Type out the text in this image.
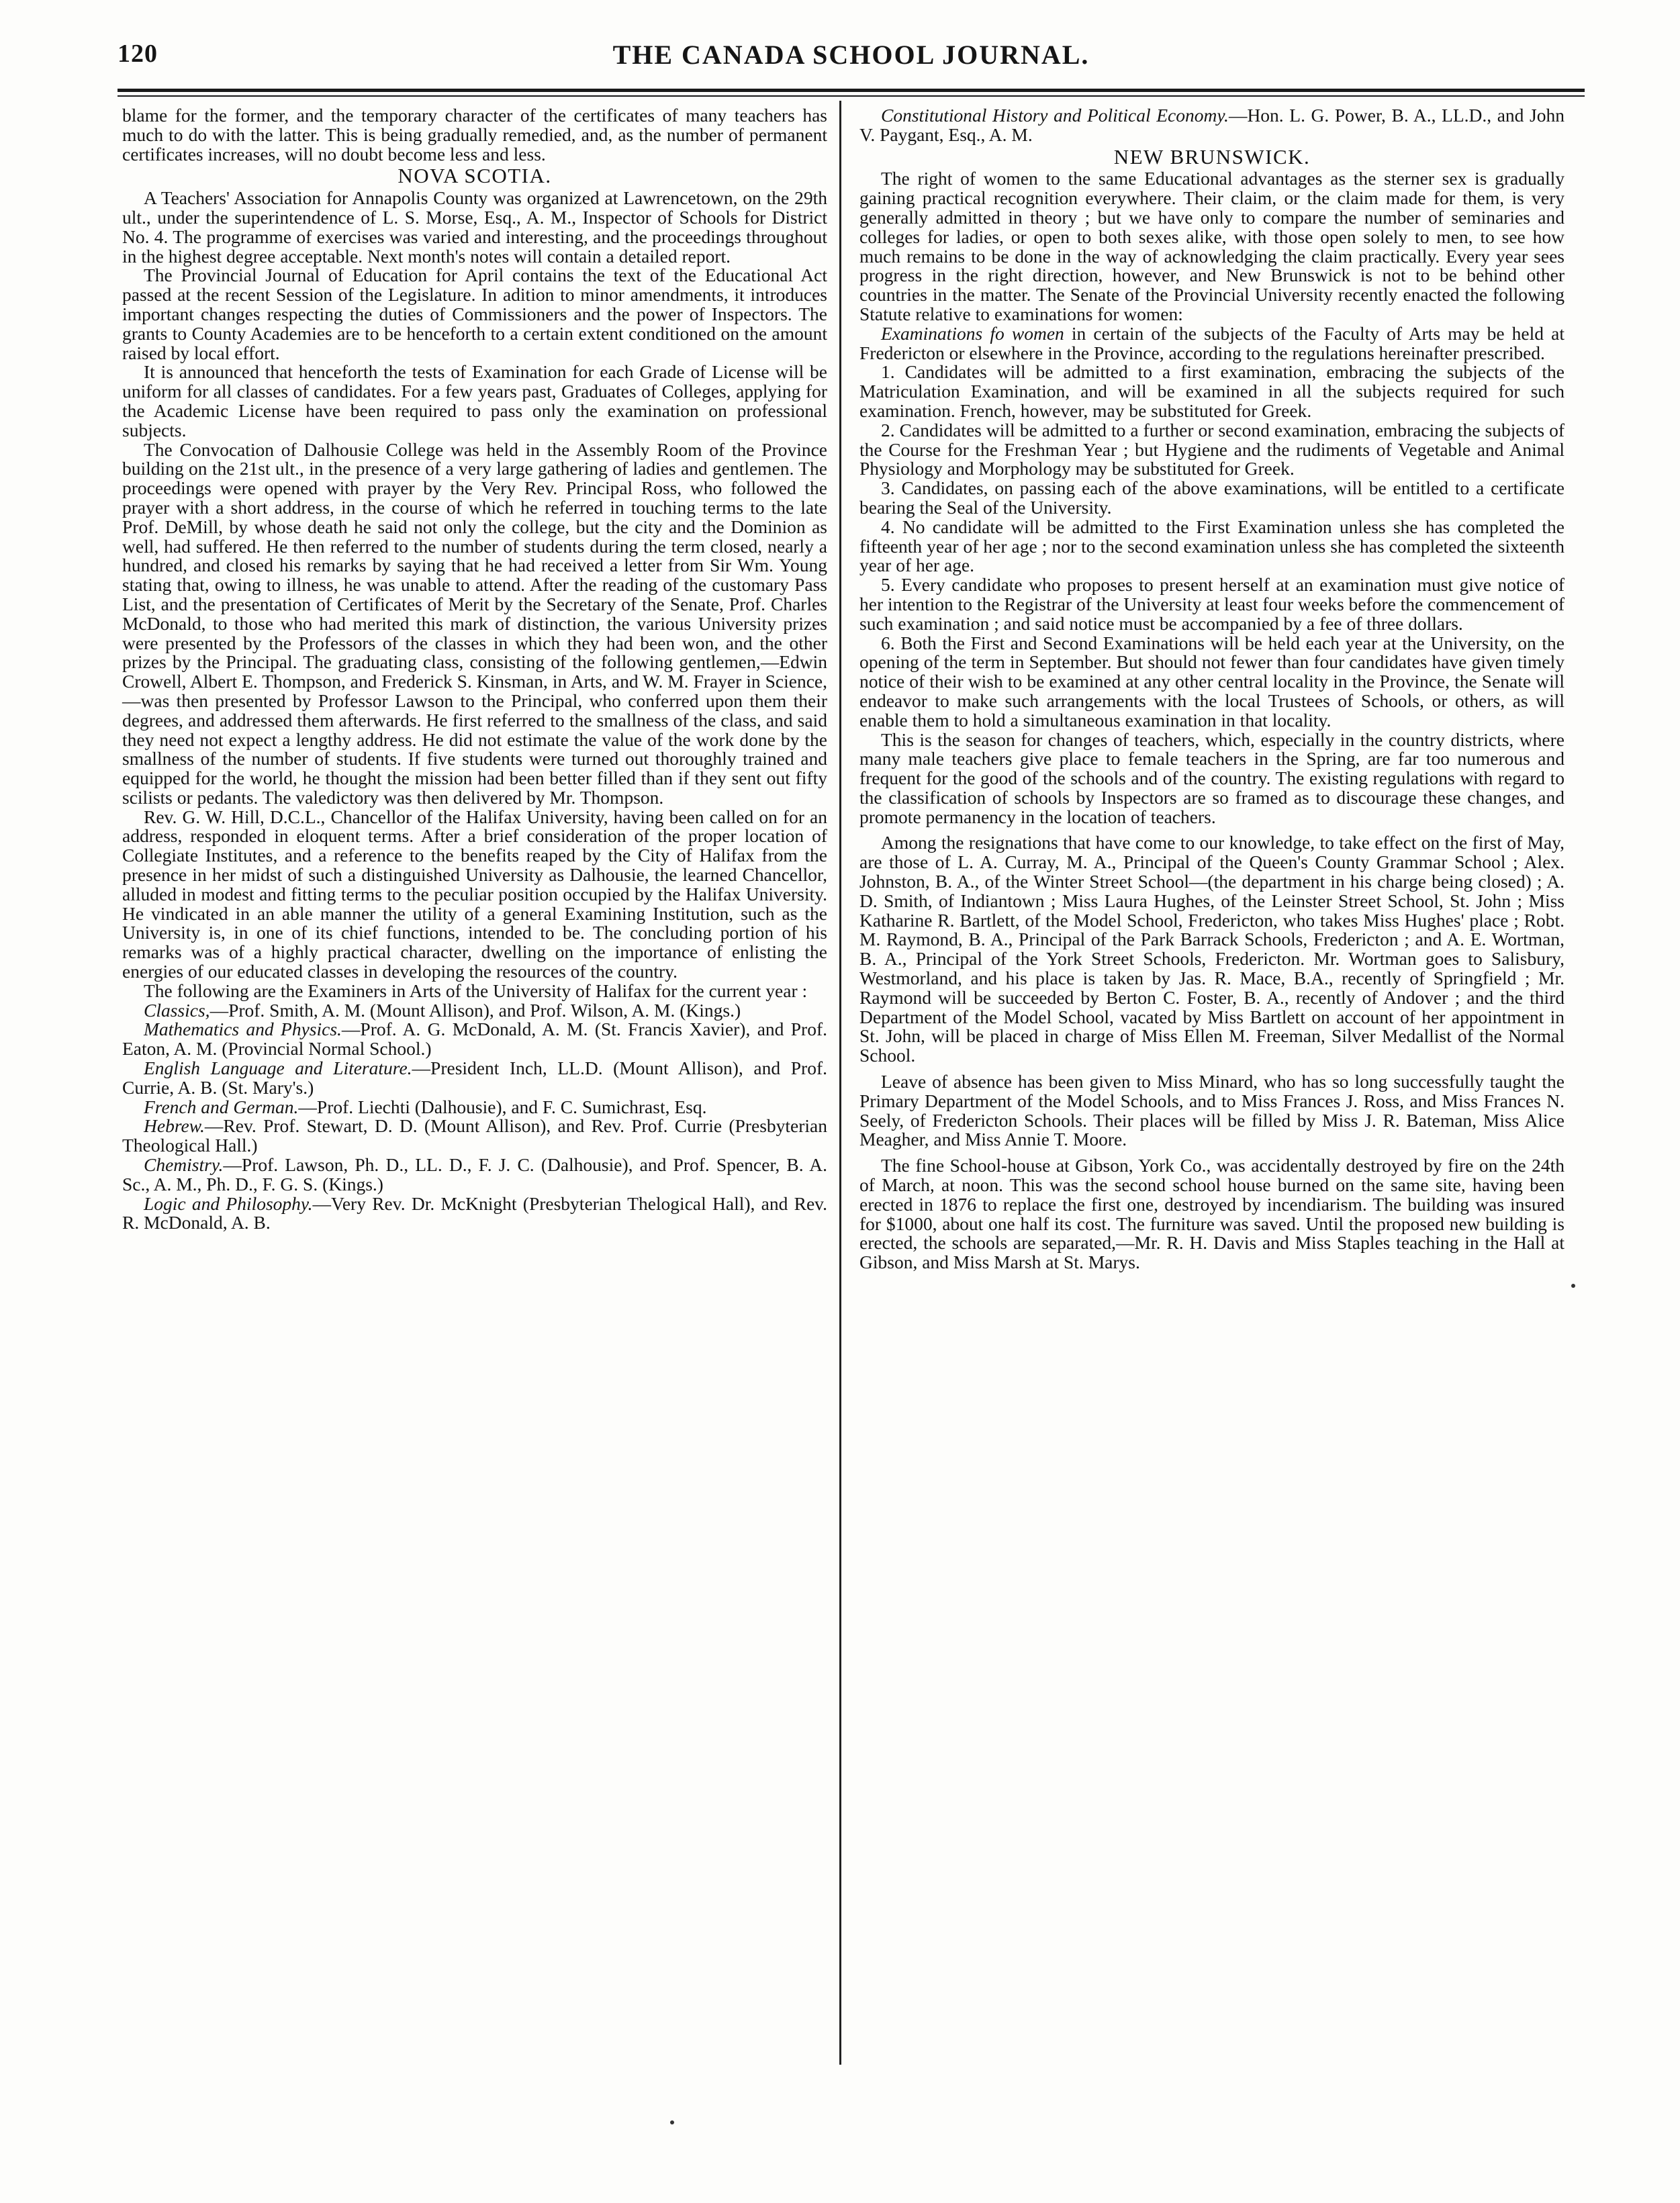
120	THE CANADA SCHOOL JOURNAL.

blame for the former, and the temporary character of the certificates of many teachers has much to do with the latter. This is being gradually remedied, and, as the number of permanent certificates increases, will no doubt become less and less.

NOVA SCOTIA.

A Teachers' Association for Annapolis County was organized at Lawrencetown, on the 29th ult., under the superintendence of L. S. Morse, Esq., A. M., Inspector of Schools for District No. 4. The programme of exercises was varied and interesting, and the proceedings throughout in the highest degree acceptable. Next month's notes will contain a detailed report.

The Provincial Journal of Education for April contains the text of the Educational Act passed at the recent Session of the Legislature. In adition to minor amendments, it introduces important changes respecting the duties of Commissioners and the power of Inspectors. The grants to County Academies are to be henceforth to a certain extent conditioned on the amount raised by local effort.

It is announced that henceforth the tests of Examination for each Grade of License will be uniform for all classes of candidates. For a few years past, Graduates of Colleges, applying for the Academic License have been required to pass only the examination on professional subjects.

The Convocation of Dalhousie College was held in the Assembly Room of the Province building on the 21st ult., in the presence of a very large gathering of ladies and gentlemen. The proceedings were opened with prayer by the Very Rev. Principal Ross, who followed the prayer with a short address, in the course of which he referred in touching terms to the late Prof. DeMill, by whose death he said not only the college, but the city and the Dominion as well, had suffered. He then referred to the number of students during the term closed, nearly a hundred, and closed his remarks by saying that he had received a letter from Sir Wm. Young stating that, owing to illness, he was unable to attend. After the reading of the customary Pass List, and the presentation of Certificates of Merit by the Secretary of the Senate, Prof. Charles McDonald, to those who had merited this mark of distinction, the various University prizes were presented by the Professors of the classes in which they had been won, and the other prizes by the Principal. The graduating class, consisting of the following gentlemen,—Edwin Crowell, Albert E. Thompson, and Frederick S. Kinsman, in Arts, and W. M. Frayer in Science,—was then presented by Professor Lawson to the Principal, who conferred upon them their degrees, and addressed them afterwards. He first referred to the smallness of the class, and said they need not expect a lengthy address. He did not estimate the value of the work done by the smallness of the number of students. If five students were turned out thoroughly trained and equipped for the world, he thought the mission had been better filled than if they sent out fifty scilists or pedants. The valedictory was then delivered by Mr. Thompson.

Rev. G. W. Hill, D.C.L., Chancellor of the Halifax University, having been called on for an address, responded in eloquent terms. After a brief consideration of the proper location of Collegiate Institutes, and a reference to the benefits reaped by the City of Halifax from the presence in her midst of such a distinguished University as Dalhousie, the learned Chancellor, alluded in modest and fitting terms to the peculiar position occupied by the Halifax University. He vindicated in an able manner the utility of a general Examining Institution, such as the University is, in one of its chief functions, intended to be. The concluding portion of his remarks was of a highly practical character, dwelling on the importance of enlisting the energies of our educated classes in developing the resources of the country.

The following are the Examiners in Arts of the University of Halifax for the current year :

Classics,—Prof. Smith, A. M. (Mount Allison), and Prof. Wilson, A. M. (Kings.)

Mathematics and Physics.—Prof. A. G. McDonald, A. M. (St. Francis Xavier), and Prof. Eaton, A. M. (Provincial Normal School.)

English Language and Literature.—President Inch, LL.D. (Mount Allison), and Prof. Currie, A. B. (St. Mary's.)

French and German.—Prof. Liechti (Dalhousie), and F. C. Sumichrast, Esq.

Hebrew.—Rev. Prof. Stewart, D. D. (Mount Allison), and Rev. Prof. Currie (Presbyterian Theological Hall.)

Chemistry.—Prof. Lawson, Ph. D., LL. D., F. J. C. (Dalhousie), and Prof. Spencer, B. A. Sc., A. M., Ph. D., F. G. S. (Kings.)

Logic and Philosophy.—Very Rev. Dr. McKnight (Presbyterian Thelogical Hall), and Rev. R. McDonald, A. B.

Constitutional History and Political Economy.—Hon. L. G. Power, B. A., LL.D., and John V. Paygant, Esq., A. M.

NEW BRUNSWICK.

The right of women to the same Educational advantages as the sterner sex is gradually gaining practical recognition everywhere. Their claim, or the claim made for them, is very generally admitted in theory ; but we have only to compare the number of seminaries and colleges for ladies, or open to both sexes alike, with those open solely to men, to see how much remains to be done in the way of acknowledging the claim practically. Every year sees progress in the right direction, however, and New Brunswick is not to be behind other countries in the matter. The Senate of the Provincial University recently enacted the following Statute relative to examinations for women:

Examinations fo women in certain of the subjects of the Faculty of Arts may be held at Fredericton or elsewhere in the Province, according to the regulations hereinafter prescribed.

1. Candidates will be admitted to a first examination, embracing the subjects of the Matriculation Examination, and will be examined in all the subjects required for such examination. French, however, may be substituted for Greek.

2. Candidates will be admitted to a further or second examination, embracing the subjects of the Course for the Freshman Year ; but Hygiene and the rudiments of Vegetable and Animal Physiology and Morphology may be substituted for Greek.

3. Candidates, on passing each of the above examinations, will be entitled to a certificate bearing the Seal of the University.

4. No candidate will be admitted to the First Examination unless she has completed the fifteenth year of her age ; nor to the second examination unless she has completed the sixteenth year of her age.

5. Every candidate who proposes to present herself at an examination must give notice of her intention to the Registrar of the University at least four weeks before the commencement of such examination ; and said notice must be accompanied by a fee of three dollars.

6. Both the First and Second Examinations will be held each year at the University, on the opening of the term in September. But should not fewer than four candidates have given timely notice of their wish to be examined at any other central locality in the Province, the Senate will endeavor to make such arrangements with the local Trustees of Schools, or others, as will enable them to hold a simultaneous examination in that locality.

This is the season for changes of teachers, which, especially in the country districts, where many male teachers give place to female teachers in the Spring, are far too numerous and frequent for the good of the schools and of the country. The existing regulations with regard to the classification of schools by Inspectors are so framed as to discourage these changes, and promote permanency in the location of teachers.

Among the resignations that have come to our knowledge, to take effect on the first of May, are those of L. A. Curray, M. A., Principal of the Queen's County Grammar School ; Alex. Johnston, B. A., of the Winter Street School—(the department in his charge being closed) ; A. D. Smith, of Indiantown ; Miss Laura Hughes, of the Leinster Street School, St. John ; Miss Katharine R. Bartlett, of the Model School, Fredericton, who takes Miss Hughes' place ; Robt. M. Raymond, B. A., Principal of the Park Barrack Schools, Fredericton ; and A. E. Wortman, B. A., Principal of the York Street Schools, Fredericton. Mr. Wortman goes to Salisbury, Westmorland, and his place is taken by Jas. R. Mace, B.A., recently of Springfield ; Mr. Raymond will be succeeded by Berton C. Foster, B. A., recently of Andover ; and the third Department of the Model School, vacated by Miss Bartlett on account of her appointment in St. John, will be placed in charge of Miss Ellen M. Freeman, Silver Medallist of the Normal School.

Leave of absence has been given to Miss Minard, who has so long successfully taught the Primary Department of the Model Schools, and to Miss Frances J. Ross, and Miss Frances N. Seely, of Fredericton Schools. Their places will be filled by Miss J. R. Bateman, Miss Alice Meagher, and Miss Annie T. Moore.

The fine School-house at Gibson, York Co., was accidentally destroyed by fire on the 24th of March, at noon. This was the second school house burned on the same site, having been erected in 1876 to replace the first one, destroyed by incendiarism. The building was insured for $1000, about one half its cost. The furniture was saved. Until the proposed new building is erected, the schools are separated,—Mr. R. H. Davis and Miss Staples teaching in the Hall at Gibson, and Miss Marsh at St. Marys.
